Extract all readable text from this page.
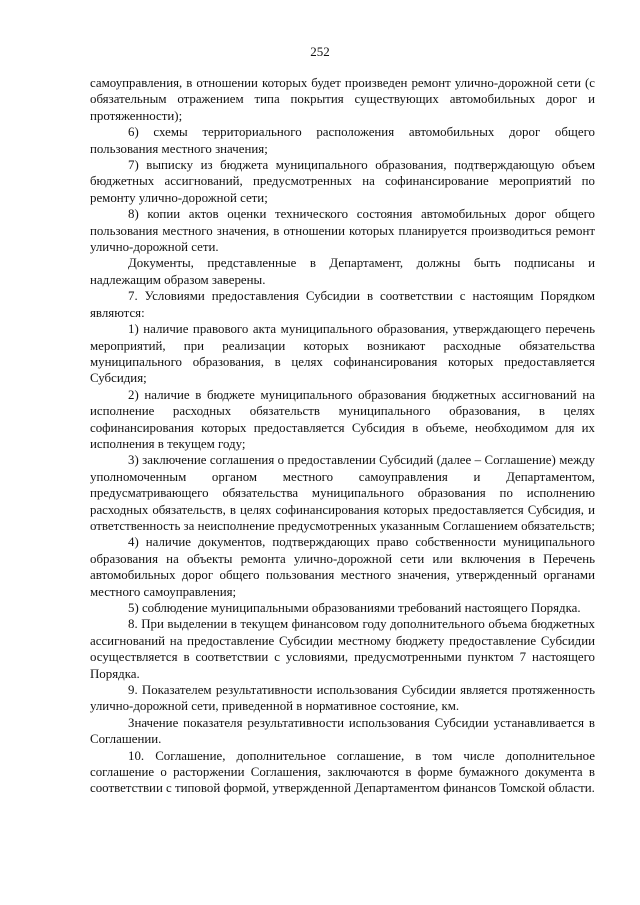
252

самоуправления, в отношении которых будет произведен ремонт улично-дорожной сети (с обязательным отражением типа покрытия существующих автомобильных дорог и протяженности);

6) схемы территориального расположения автомобильных дорог общего пользования местного значения;

7) выписку из бюджета муниципального образования, подтверждающую объем бюджетных ассигнований, предусмотренных на софинансирование мероприятий по ремонту улично-дорожной сети;

8) копии актов оценки технического состояния автомобильных дорог общего пользования местного значения, в отношении которых планируется производиться ремонт улично-дорожной сети.

Документы, представленные в Департамент, должны быть подписаны и надлежащим образом заверены.

7. Условиями предоставления Субсидии в соответствии с настоящим Порядком являются:

1) наличие правового акта муниципального образования, утверждающего перечень мероприятий, при реализации которых возникают расходные обязательства муниципального образования, в целях софинансирования которых предоставляется Субсидия;

2) наличие в бюджете муниципального образования бюджетных ассигнований на исполнение расходных обязательств муниципального образования, в целях софинансирования которых предоставляется Субсидия в объеме, необходимом для их исполнения в текущем году;

3) заключение соглашения о предоставлении Субсидий (далее – Соглашение) между уполномоченным органом местного самоуправления и Департаментом, предусматривающего обязательства муниципального образования по исполнению расходных обязательств, в целях софинансирования которых предоставляется Субсидия, и ответственность за неисполнение предусмотренных указанным Соглашением обязательств;

4) наличие документов, подтверждающих право собственности муниципального образования на объекты ремонта улично-дорожной сети или включения в Перечень автомобильных дорог общего пользования местного значения, утвержденный органами местного самоуправления;

5) соблюдение муниципальными образованиями требований настоящего Порядка.

8. При выделении в текущем финансовом году дополнительного объема бюджетных ассигнований на предоставление Субсидии местному бюджету предоставление Субсидии осуществляется в соответствии с условиями, предусмотренными пунктом 7 настоящего Порядка.

9. Показателем результативности использования Субсидии является протяженность улично-дорожной сети, приведенной в нормативное состояние, км.

Значение показателя результативности использования Субсидии устанавливается в Соглашении.

10. Соглашение, дополнительное соглашение, в том числе дополнительное соглашение о расторжении Соглашения, заключаются в форме бумажного документа в соответствии с типовой формой, утвержденной Департаментом финансов Томской области.
